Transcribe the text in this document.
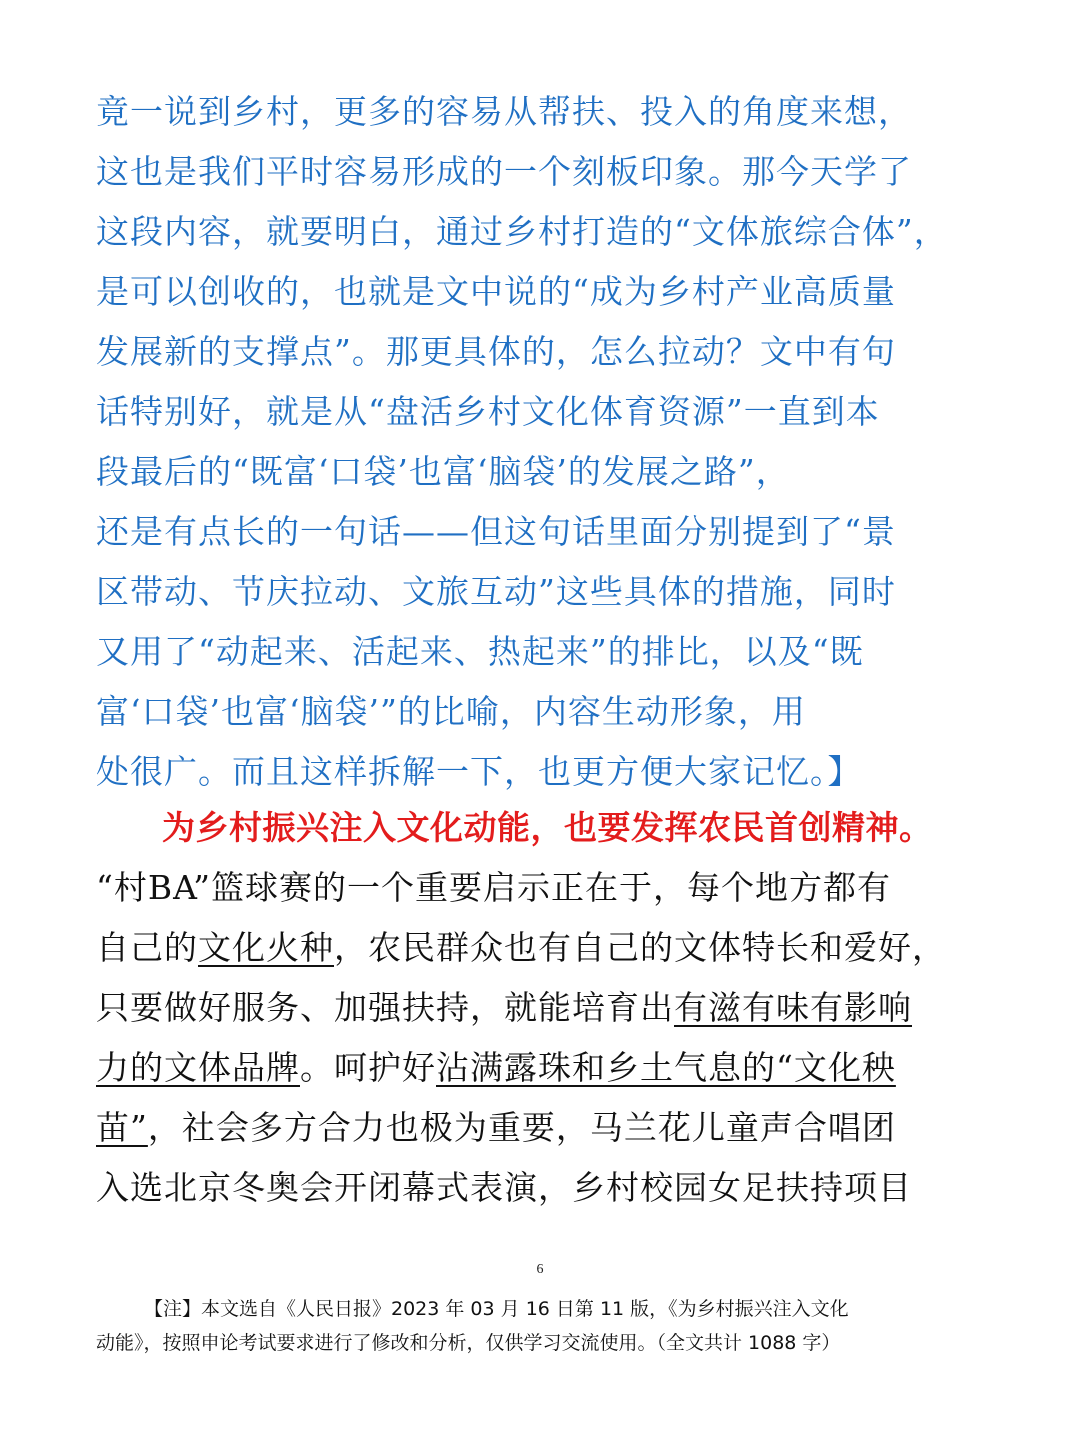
竟一说到乡村，更多的容易从帮扶、投入的角度来想，
这也是我们平时容易形成的一个刻板印象。那今天学了
这段内容，就要明白，通过乡村打造的“文体旅综合体”，
是可以创收的，也就是文中说的“成为乡村产业高质量
发展新的支撑点”。那更具体的，怎么拉动？文中有句
话特别好，就是从“盘活乡村文化体育资源”一直到本
段最后的“既富‘口袋’也富‘脑袋’的发展之路”，
还是有点长的一句话——但这句话里面分别提到了“景
区带动、节庆拉动、文旅互动”这些具体的措施，同时
又用了“动起来、活起来、热起来”的排比，以及“既
富‘口袋’也富‘脑袋’”的比喻，内容生动形象，用
处很广。而且这样拆解一下，也更方便大家记忆。】
为乡村振兴注入文化动能，也要发挥农民首创精神。
“村BA”篮球赛的一个重要启示正在于，每个地方都有
自己的文化火种，农民群众也有自己的文体特长和爱好，
只要做好服务、加强扶持，就能培育出有滋有味有影响
力的文体品牌。呵护好沾满露珠和乡土气息的“文化秧
苗”，社会多方合力也极为重要，马兰花儿童声合唱团
入选北京冬奥会开闭幕式表演，乡村校园女足扶持项目
6
【注】本文选自《人民日报》2023 年 03 月 16 日第 11 版，《为乡村振兴注入文化
动能》，按照申论考试要求进行了修改和分析，仅供学习交流使用。（全文共计 1088 字）
